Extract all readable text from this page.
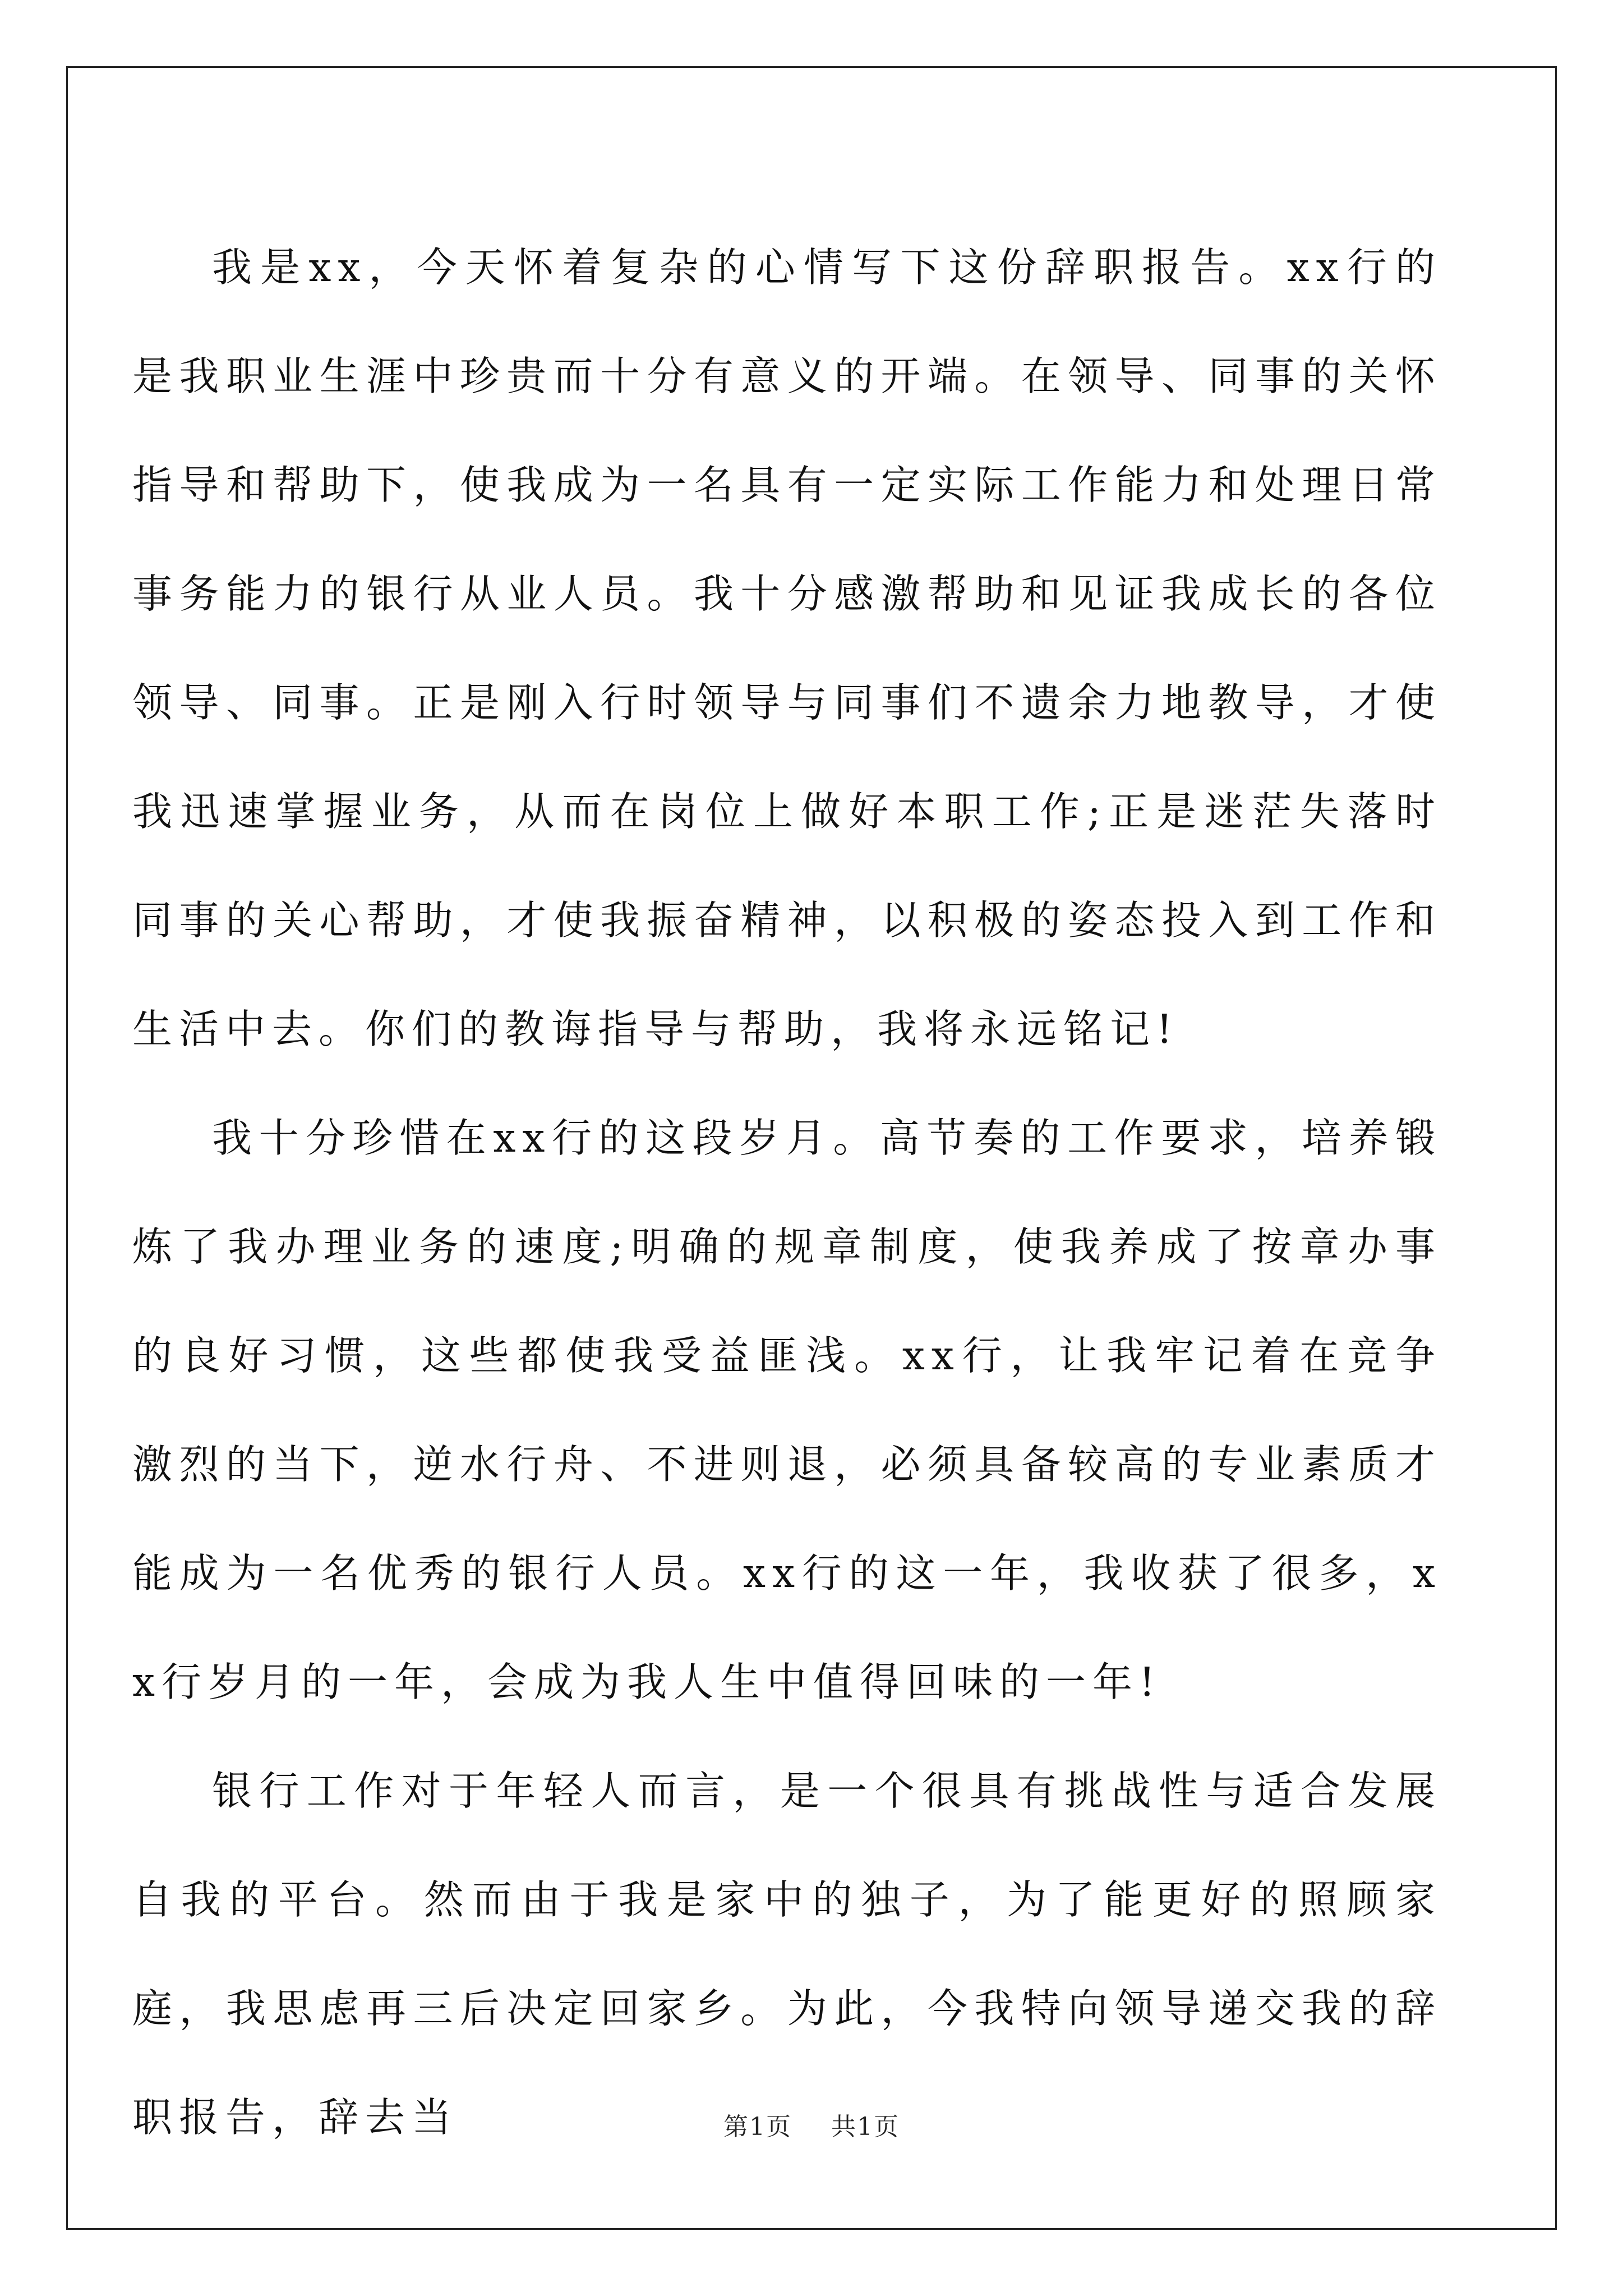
我是xx，今天怀着复杂的心情写下这份辞职报告。xx行的是我职业生涯中珍贵而十分有意义的开端。在领导、同事的关怀指导和帮助下，使我成为一名具有一定实际工作能力和处理日常事务能力的银行从业人员。我十分感激帮助和见证我成长的各位领导、同事。正是刚入行时领导与同事们不遗余力地教导，才使我迅速掌握业务，从而在岗位上做好本职工作;正是迷茫失落时同事的关心帮助，才使我振奋精神，以积极的姿态投入到工作和生活中去。你们的教诲指导与帮助，我将永远铭记!

我十分珍惜在xx行的这段岁月。高节奏的工作要求，培养锻炼了我办理业务的速度;明确的规章制度，使我养成了按章办事的良好习惯，这些都使我受益匪浅。xx行，让我牢记着在竞争激烈的当下，逆水行舟、不进则退，必须具备较高的专业素质才能成为一名优秀的银行人员。xx行的这一年，我收获了很多，xx行岁月的一年，会成为我人生中值得回味的一年!

银行工作对于年轻人而言，是一个很具有挑战性与适合发展自我的平台。然而由于我是家中的独子，为了能更好的照顾家庭，我思虑再三后决定回家乡。为此，今我特向领导递交我的辞职报告，辞去当	第1页 共1页
